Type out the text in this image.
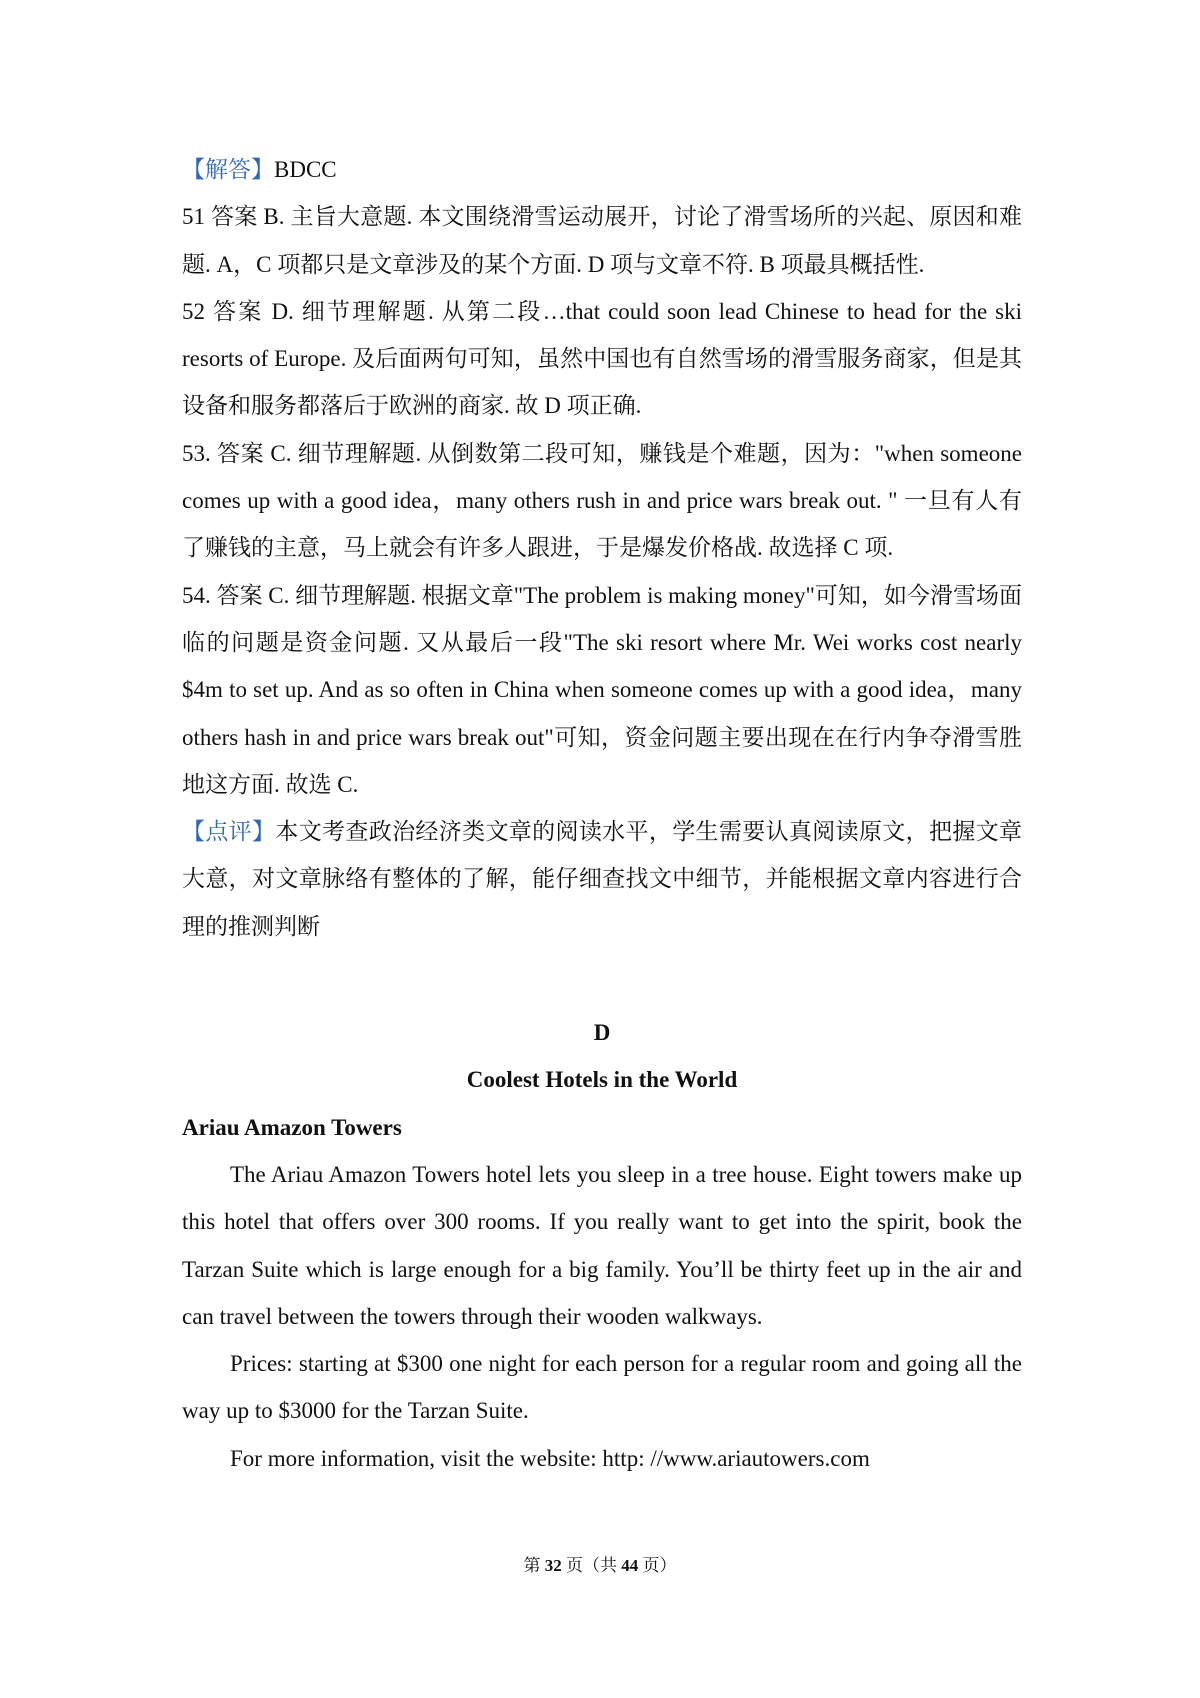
【解答】BDCC

51 答案 B. 主旨大意题. 本文围绕滑雪运动展开，讨论了滑雪场所的兴起、原因和难题. A，C 项都只是文章涉及的某个方面. D 项与文章不符. B 项最具概括性.

52 答案 D. 细节理解题. 从第二段…that could soon lead Chinese to head for the ski resorts of Europe. 及后面两句可知，虽然中国也有自然雪场的滑雪服务商家，但是其设备和服务都落后于欧洲的商家. 故 D 项正确.

53. 答案 C. 细节理解题. 从倒数第二段可知，赚钱是个难题，因为："when someone comes up with a good idea，many others rush in and price wars break out. " 一旦有人有了赚钱的主意，马上就会有许多人跟进，于是爆发价格战. 故选择 C 项.

54. 答案 C. 细节理解题. 根据文章"The problem is making money"可知，如今滑雪场面临的问题是资金问题. 又从最后一段"The ski resort where Mr. Wei works cost nearly $4m to set up. And as so often in China when someone comes up with a good idea，many others hash in and price wars break out"可知，资金问题主要出现在在行内争夺滑雪胜地这方面. 故选 C.

【点评】本文考查政治经济类文章的阅读水平，学生需要认真阅读原文，把握文章大意，对文章脉络有整体的了解，能仔细查找文中细节，并能根据文章内容进行合理的推测判断

D

Coolest Hotels in the World

Ariau Amazon Towers

The Ariau Amazon Towers hotel lets you sleep in a tree house. Eight towers make up this hotel that offers over 300 rooms. If you really want to get into the spirit, book the Tarzan Suite which is large enough for a big family. You’ll be thirty feet up in the air and can travel between the towers through their wooden walkways.

Prices: starting at $300 one night for each person for a regular room and going all the way up to $3000 for the Tarzan Suite.

For more information, visit the website: http: //www.ariautowers.com

第 32 页（共 44 页）
